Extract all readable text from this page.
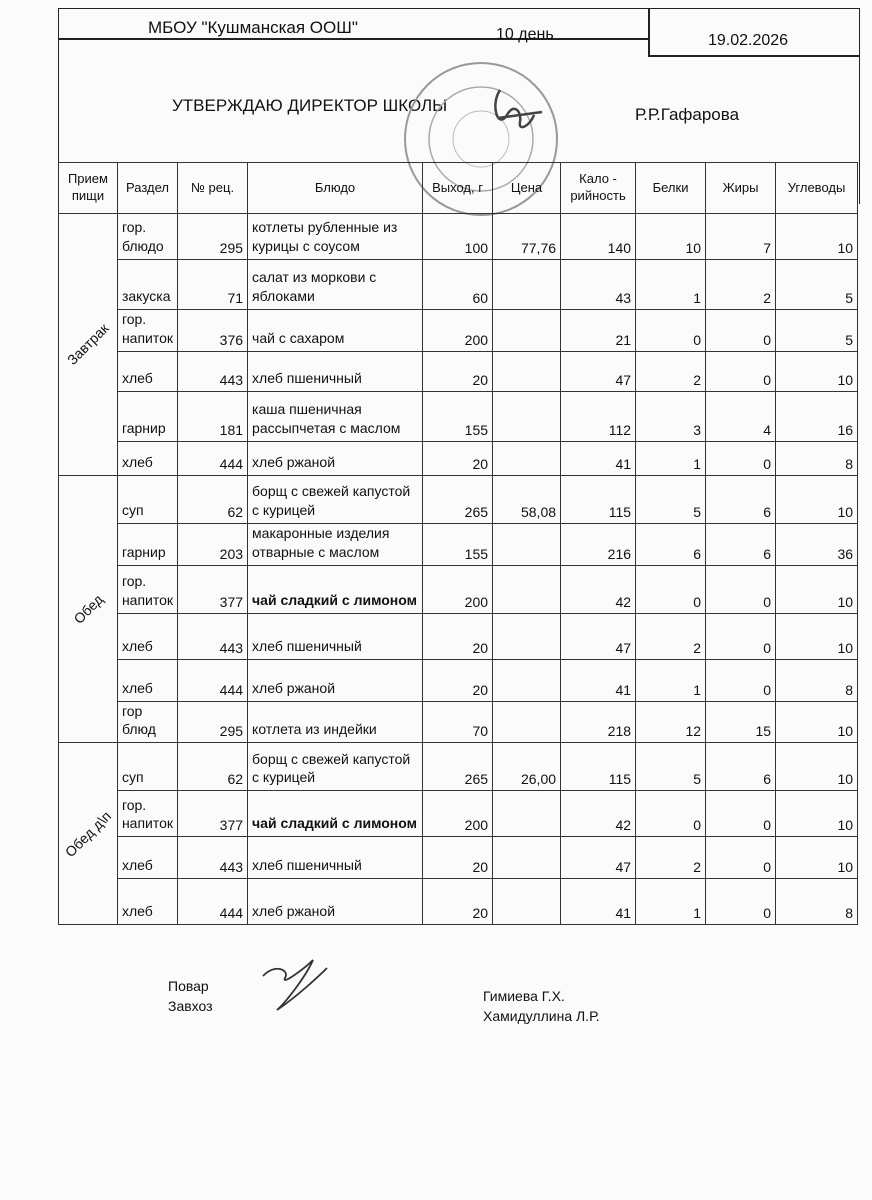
МБОУ "Кушманская ООШ"	10 день	19.02.2026
УТВЕРЖДАЮ ДИРЕКТОР ШКОЛЫ	Р.Р.Гафарова
Прием пищи	Раздел	№ рец.	Блюдо	Выход, г	Цена	Кало - рийность	Белки	Жиры	Углеводы
Завтрак	гор. блюдо	295	котлеты рубленные из курицы с соусом	100	77,76	140	10	7	10
	закуска	71	салат из моркови с яблоками	60		43	1	2	5
	гор. напиток	376	чай с сахаром	200		21	0	0	5
	хлеб	443	хлеб пшеничный	20		47	2	0	10
	гарнир	181	каша пшеничная рассыпчетая с маслом	155		112	3	4	16
	хлеб	444	хлеб ржаной	20		41	1	0	8
Обед	суп	62	борщ с свежей капустой с курицей	265	58,08	115	5	6	10
	гарнир	203	макаронные изделия отварные с маслом	155		216	6	6	36
	гор. напиток	377	чай сладкий с лимоном	200		42	0	0	10
	хлеб	443	хлеб пшеничный	20		47	2	0	10
	хлеб	444	хлеб ржаной	20		41	1	0	8
	гор блюд	295	котлета из индейки	70		218	12	15	10
Обед д\п	суп	62	борщ с свежей капустой с курицей	265	26,00	115	5	6	10
	гор. напиток	377	чай сладкий с лимоном	200		42	0	0	10
	хлеб	443	хлеб пшеничный	20		47	2	0	10
	хлеб	444	хлеб ржаной	20		41	1	0	8
Повар
Завхоз
Гимиева Г.Х.
Хамидуллина Л.Р.
